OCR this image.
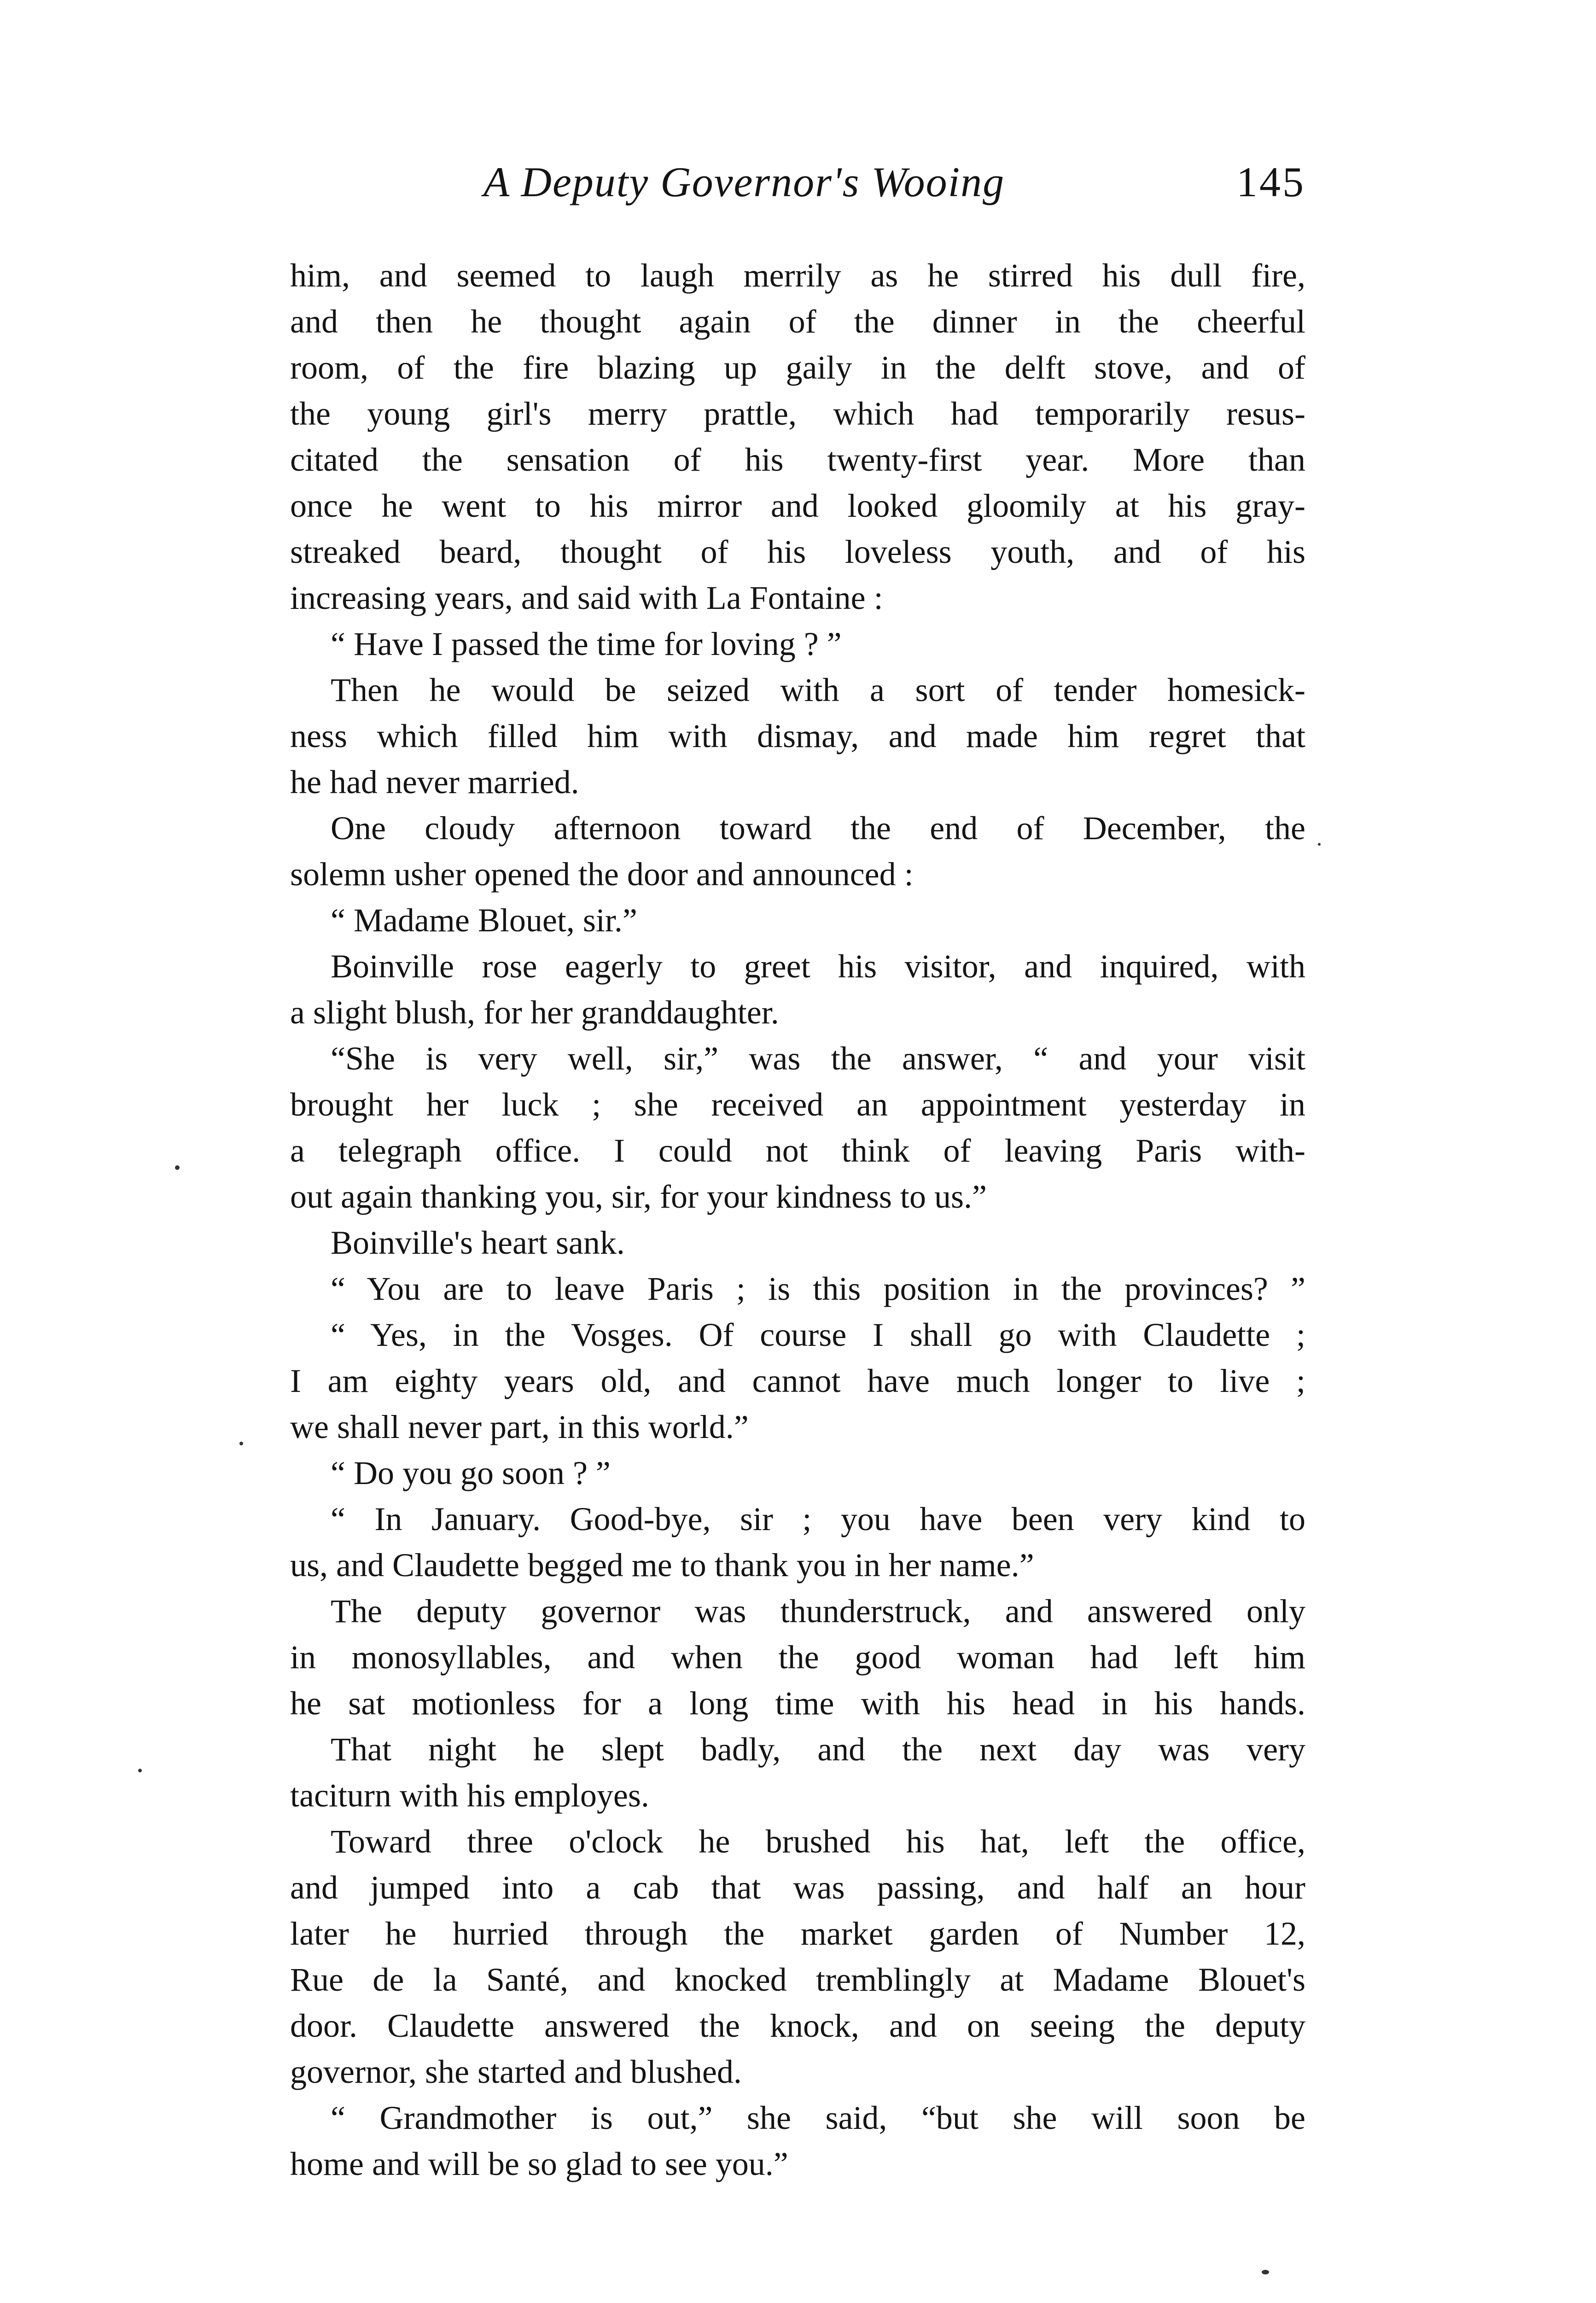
A Deputy Governor's Wooing	145
him, and seemed to laugh merrily as he stirred his dull fire,
and then he thought again of the dinner in the cheerful
room, of the fire blazing up gaily in the delft stove, and of
the young girl's merry prattle, which had temporarily resus-
citated the sensation of his twenty-first year. More than
once he went to his mirror and looked gloomily at his gray-
streaked beard, thought of his loveless youth, and of his
increasing years, and said with La Fontaine :
“ Have I passed the time for loving ? ”
Then he would be seized with a sort of tender homesick-
ness which filled him with dismay, and made him regret that
he had never married.
One cloudy afternoon toward the end of December, the
solemn usher opened the door and announced :
“ Madame Blouet, sir.”
Boinville rose eagerly to greet his visitor, and inquired, with
a slight blush, for her granddaughter.
“She is very well, sir,” was the answer, “ and your visit
brought her luck ; she received an appointment yesterday in
a telegraph office. I could not think of leaving Paris with-
out again thanking you, sir, for your kindness to us.”
Boinville's heart sank.
“ You are to leave Paris ; is this position in the provinces? ”
“ Yes, in the Vosges. Of course I shall go with Claudette ;
I am eighty years old, and cannot have much longer to live ;
we shall never part, in this world.”
“ Do you go soon ? ”
“ In January. Good-bye, sir ; you have been very kind to
us, and Claudette begged me to thank you in her name.”
The deputy governor was thunderstruck, and answered only
in monosyllables, and when the good woman had left him
he sat motionless for a long time with his head in his hands.
That night he slept badly, and the next day was very
taciturn with his employes.
Toward three o'clock he brushed his hat, left the office,
and jumped into a cab that was passing, and half an hour
later he hurried through the market garden of Number 12,
Rue de la Santé, and knocked tremblingly at Madame Blouet's
door. Claudette answered the knock, and on seeing the deputy
governor, she started and blushed.
“ Grandmother is out,” she said, “but she will soon be
home and will be so glad to see you.”
